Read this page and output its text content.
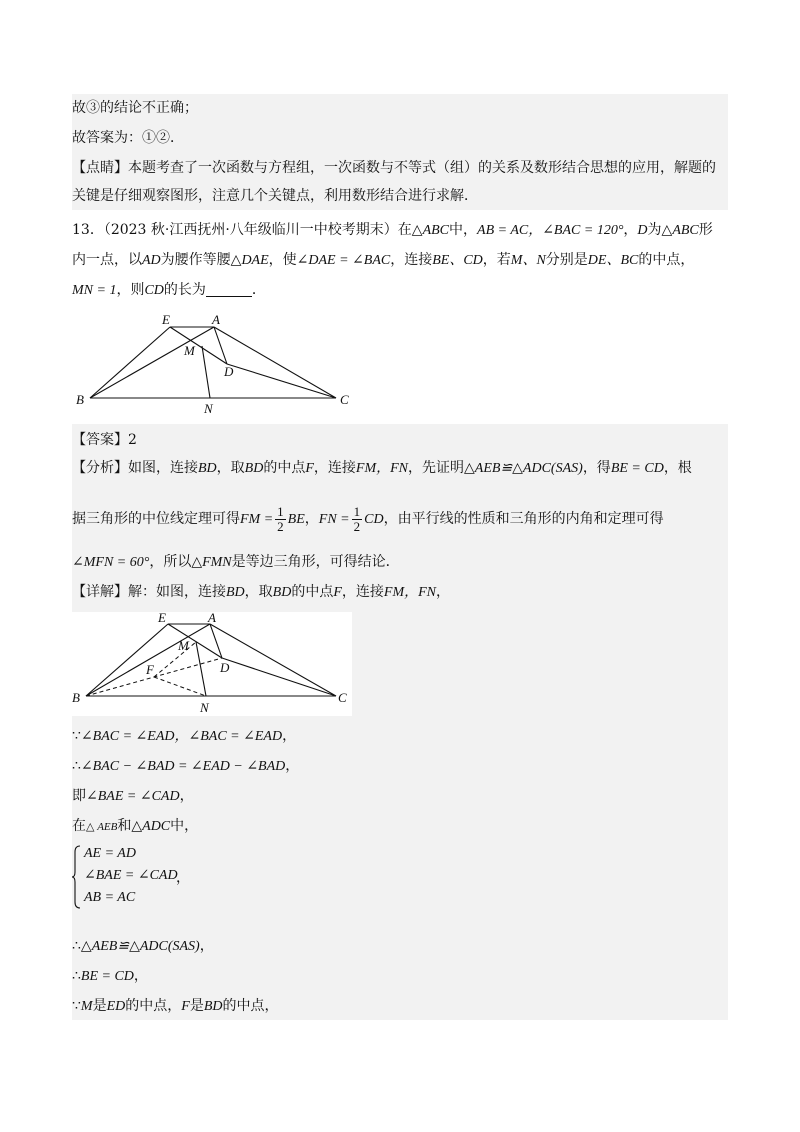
故③的结论不正确；
故答案为：①②．
【点睛】本题考查了一次函数与方程组，一次函数与不等式（组）的关系及数形结合思想的应用，解题的
关键是仔细观察图形，注意几个关键点，利用数形结合进行求解．
13．（2023 秋·江西抚州·八年级临川一中校考期末）在△ABC中，AB = AC，∠BAC = 120°，D为△ABC形
内一点，以AD为腰作等腰△DAE，使∠DAE = ∠BAC，连接BE、CD，若M、N分别是DE、BC的中点，
MN = 1，则CD的长为	．
E	A
M
D
B
N
C
【答案】2
【分析】如图，连接BD，取BD的中点F，连接FM，FN，先证明△AEB≌△ADC(SAS)，得BE = CD，根
据三角形的中位线定理可得FM = $\frac{1}{2}$ BE，FN = $\frac{1}{2}$ CD，由平行线的性质和三角形的内角和定理可得
∠MFN = 60°，所以△FMN是等边三角形，可得结论．
【详解】解：如图，连接BD，取BD的中点F，连接FM，FN，
E	A
M
D
F
B
N
C
∵∠BAC = ∠EAD，∠BAC = ∠EAD，
∴∠BAC − ∠BAD = ∠EAD − ∠BAD，
即∠BAE = ∠CAD，
在△ AEB和△ADC中，
AE = AD
∠BAE = ∠CAD
AB = AC
，
∴△AEB≌△ADC(SAS)，
∴BE = CD，
∵M是ED的中点，F是BD的中点，
